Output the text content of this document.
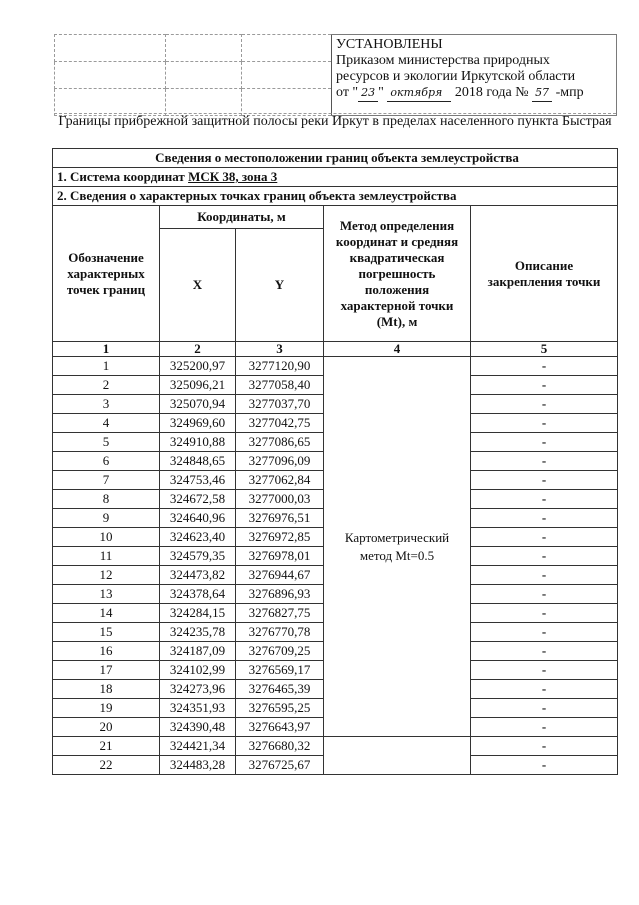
			УСТАНОВЛЕНЫ
Приказом министерства природных
ресурсов и экологии Иркутской области
от " 23 " октября 2018 года № 57 -мпр

Границы прибрежной защитной полосы реки Иркут в пределах населенного пункта Быстрая
Сведения о местоположении границ объекта землеустройства				
1. Система координат МСК 38, зона 3				
2. Сведения о характерных точках границ объекта землеустройства				
Обозначение характерных точек границ	Координаты, м		Метод определения координат и средняя квадратическая погрешность положения характерной точки (Mt), м	Описание закрепления точки
	X	Y		
1	2	3	4	5
1	325200,97	3277120,90	Картометрический метод Mt=0.5	-
2	325096,21	3277058,40		-
3	325070,94	3277037,70		-
4	324969,60	3277042,75		-
5	324910,88	3277086,65		-
6	324848,65	3277096,09		-
7	324753,46	3277062,84		-
8	324672,58	3277000,03		-
9	324640,96	3276976,51		-
10	324623,40	3276972,85		-
11	324579,35	3276978,01		-
12	324473,82	3276944,67		-
13	324378,64	3276896,93		-
14	324284,15	3276827,75		-
15	324235,78	3276770,78		-
16	324187,09	3276709,25		-
17	324102,99	3276569,17		-
18	324273,96	3276465,39		-
19	324351,93	3276595,25		-
20	324390,48	3276643,97		-
21	324421,34	3276680,32		-
22	324483,28	3276725,67		-
